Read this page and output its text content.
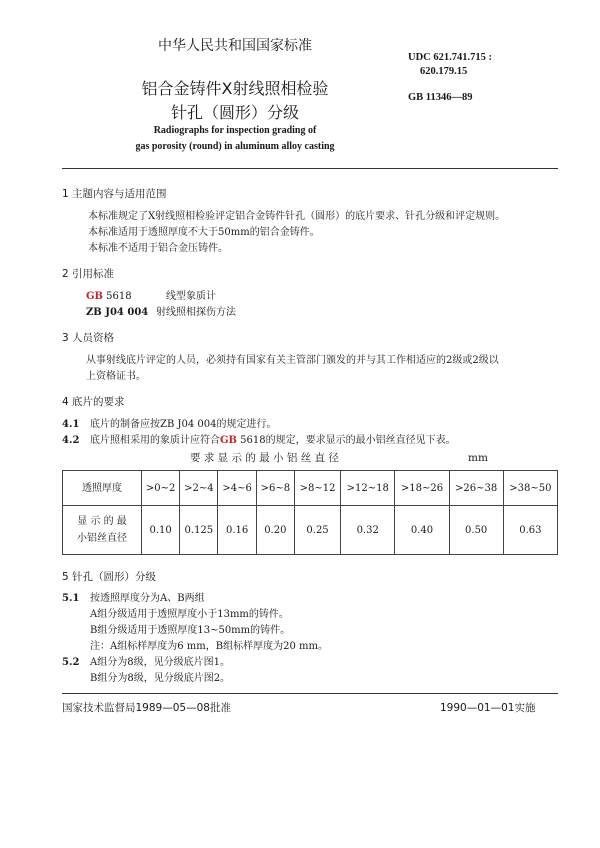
中华人民共和国国家标准
UDC 621.741.715 :
620.179.15
GB 11346—89
铝合金铸件X射线照相检验
针孔（圆形）分级
Radiographs for inspection grading of
gas porosity (round) in aluminum alloy casting
1 主题内容与适用范围
本标准规定了X射线照相检验评定铝合金铸件针孔（圆形）的底片要求、针孔分级和评定规则。
本标准适用于透照厚度不大于50mm的铝合金铸件。
本标准不适用于铝合金压铸件。
2 引用标准
GB 5618	线型象质计
ZB J04 004 射线照相探伤方法
3 人员资格
从事射线底片评定的人员，必须持有国家有关主管部门颁发的并与其工作相适应的2级或2级以
上资格证书。
4 底片的要求
4.1 底片的制备应按ZB J04 004的规定进行。
4.2 底片照相采用的象质计应符合GB 5618的规定，要求显示的最小铝丝直径见下表。
要 求 显 示 的 最 小 铝 丝 直 径	mm
透照厚度	>0~2	>2~4	>4~6	>6~8	>8~12	>12~18	>18~26	>26~38	>38~50

显 示 的 最
小铝丝直径	0.10	0.125	0.16	0.20	0.25	0.32	0.40	0.50	0.63
5 针孔（圆形）分级
5.1 按透照厚度分为A、B两组
A组分级适用于透照厚度小于13mm的铸件。
B组分级适用于透照厚度13~50mm的铸件。
注：A组标样厚度为6 mm，B组标样厚度为20 mm。
5.2 A组分为8级，见分级底片图1。
B组分为8级，见分级底片图2。
国家技术监督局1989—05—08批准	1990—01—01实施
